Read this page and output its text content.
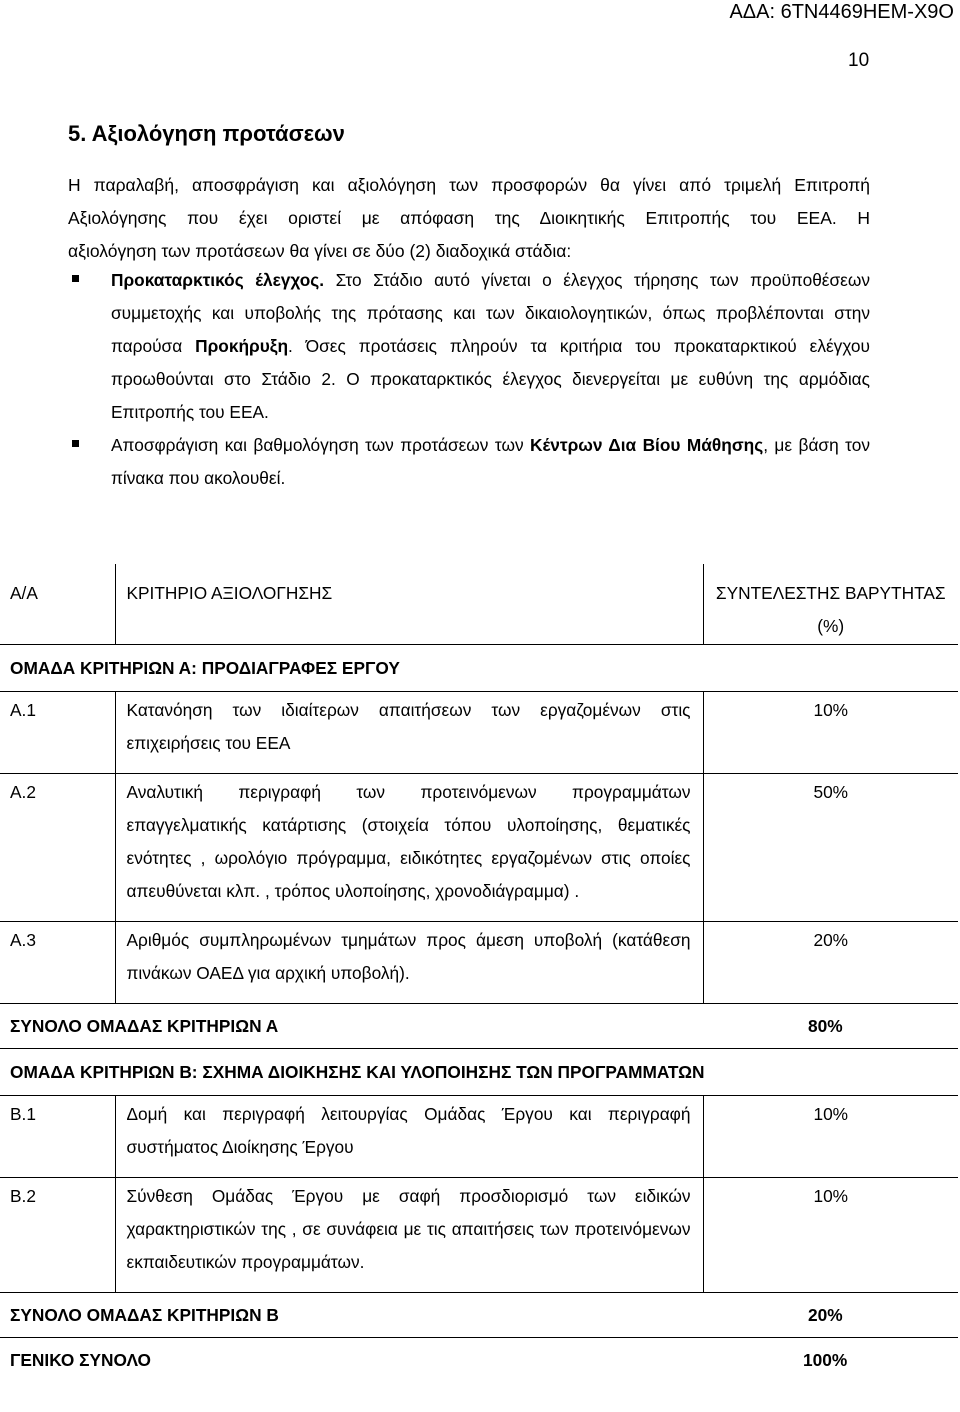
ΑΔΑ: 6ΤΝ4469ΗΕΜ-Χ9Ο
10
5. Αξιολόγηση προτάσεων
Η παραλαβή, αποσφράγιση και αξιολόγηση των προσφορών θα γίνει από τριμελή Επιτροπή
Αξιολόγησης που έχει οριστεί με απόφαση της Διοικητικής Επιτροπής του ΕΕΑ. Η
αξιολόγηση των προτάσεων θα γίνει σε δύο (2) διαδοχικά στάδια:

Προκαταρκτικός έλεγχος. Στο Στάδιο αυτό γίνεται ο έλεγχος τήρησης των προϋποθέσεων συμμετοχής και υποβολής της πρότασης και των δικαιολογητικών, όπως προβλέπονται στην παρούσα Προκήρυξη. Όσες προτάσεις πληρούν τα κριτήρια του προκαταρκτικού ελέγχου προωθούνται στο Στάδιο 2. Ο προκαταρκτικός έλεγχος διενεργείται με ευθύνη της αρμόδιας Επιτροπής του ΕΕΑ.

Αποσφράγιση και βαθμολόγηση των προτάσεων των Κέντρων Δια Βίου Μάθησης, με βάση τον πίνακα που ακολουθεί.

Α/Α	ΚΡΙΤΗΡΙΟ ΑΞΙΟΛΟΓΗΣΗΣ	ΣΥΝΤΕΛΕΣΤΗΣ ΒΑΡΥΤΗΤΑΣ (%)
ΟΜΑΔΑ ΚΡΙΤΗΡΙΩΝ Α: ΠΡΟΔΙΑΓΡΑΦΕΣ ΕΡΓΟΥ		
Α.1	Κατανόηση των ιδιαίτερων απαιτήσεων των εργαζομένων στις επιχειρήσεις του ΕΕΑ	10%
Α.2	Αναλυτική περιγραφή των προτεινόμενων προγραμμάτων επαγγελματικής κατάρτισης (στοιχεία τόπου υλοποίησης, θεματικές ενότητες , ωρολόγιο πρόγραμμα, ειδικότητες εργαζομένων στις οποίες απευθύνεται κλπ. , τρόπος υλοποίησης, χρονοδιάγραμμα) .	50%
Α.3	Αριθμός συμπληρωμένων τμημάτων προς άμεση υποβολή (κατάθεση πινάκων ΟΑΕΔ για αρχική υποβολή).	20%
ΣΥΝΟΛΟ ΟΜΑΔΑΣ ΚΡΙΤΗΡΙΩΝ Α		80%
ΟΜΑΔΑ ΚΡΙΤΗΡΙΩΝ Β: ΣΧΗΜΑ ΔΙΟΙΚΗΣΗΣ ΚΑΙ ΥΛΟΠΟΙΗΣΗΣ ΤΩΝ ΠΡΟΓΡΑΜΜΑΤΩΝ		
Β.1	Δομή και περιγραφή λειτουργίας Ομάδας Έργου και περιγραφή συστήματος Διοίκησης Έργου	10%
Β.2	Σύνθεση Ομάδας Έργου με σαφή προσδιορισμό των ειδικών χαρακτηριστικών της , σε συνάφεια με τις απαιτήσεις των προτεινόμενων εκπαιδευτικών προγραμμάτων.	10%
ΣΥΝΟΛΟ ΟΜΑΔΑΣ ΚΡΙΤΗΡΙΩΝ Β		20%
ΓΕΝΙΚΟ ΣΥΝΟΛΟ		100%
